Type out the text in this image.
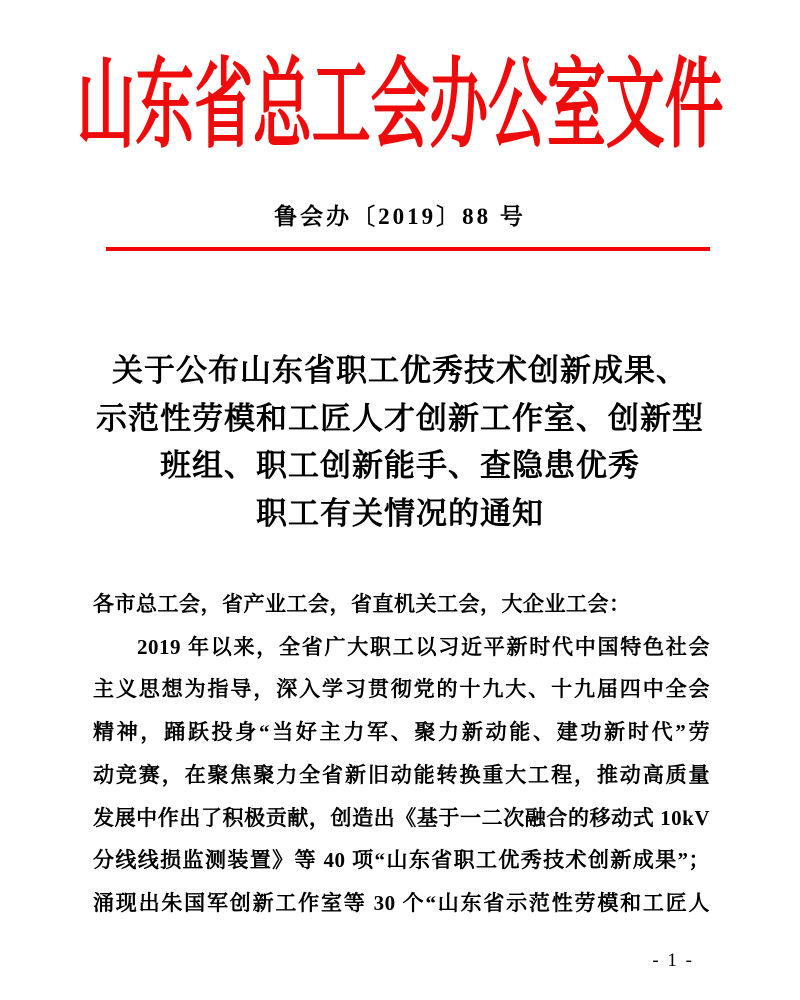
山东省总工会办公室文件
鲁会办〔2019〕88 号
关于公布山东省职工优秀技术创新成果、
示范性劳模和工匠人才创新工作室、创新型
班组、职工创新能手、查隐患优秀
职工有关情况的通知
各市总工会，省产业工会，省直机关工会，大企业工会：
2019 年以来，全省广大职工以习近平新时代中国特色社会
主义思想为指导，深入学习贯彻党的十九大、十九届四中全会
精神，踊跃投身“当好主力军、聚力新动能、建功新时代”劳
动竞赛，在聚焦聚力全省新旧动能转换重大工程，推动高质量
发展中作出了积极贡献，创造出《基于一二次融合的移动式 10kV
分线线损监测装置》等 40 项“山东省职工优秀技术创新成果”；
涌现出朱国军创新工作室等 30 个“山东省示范性劳模和工匠人
- 1 -
